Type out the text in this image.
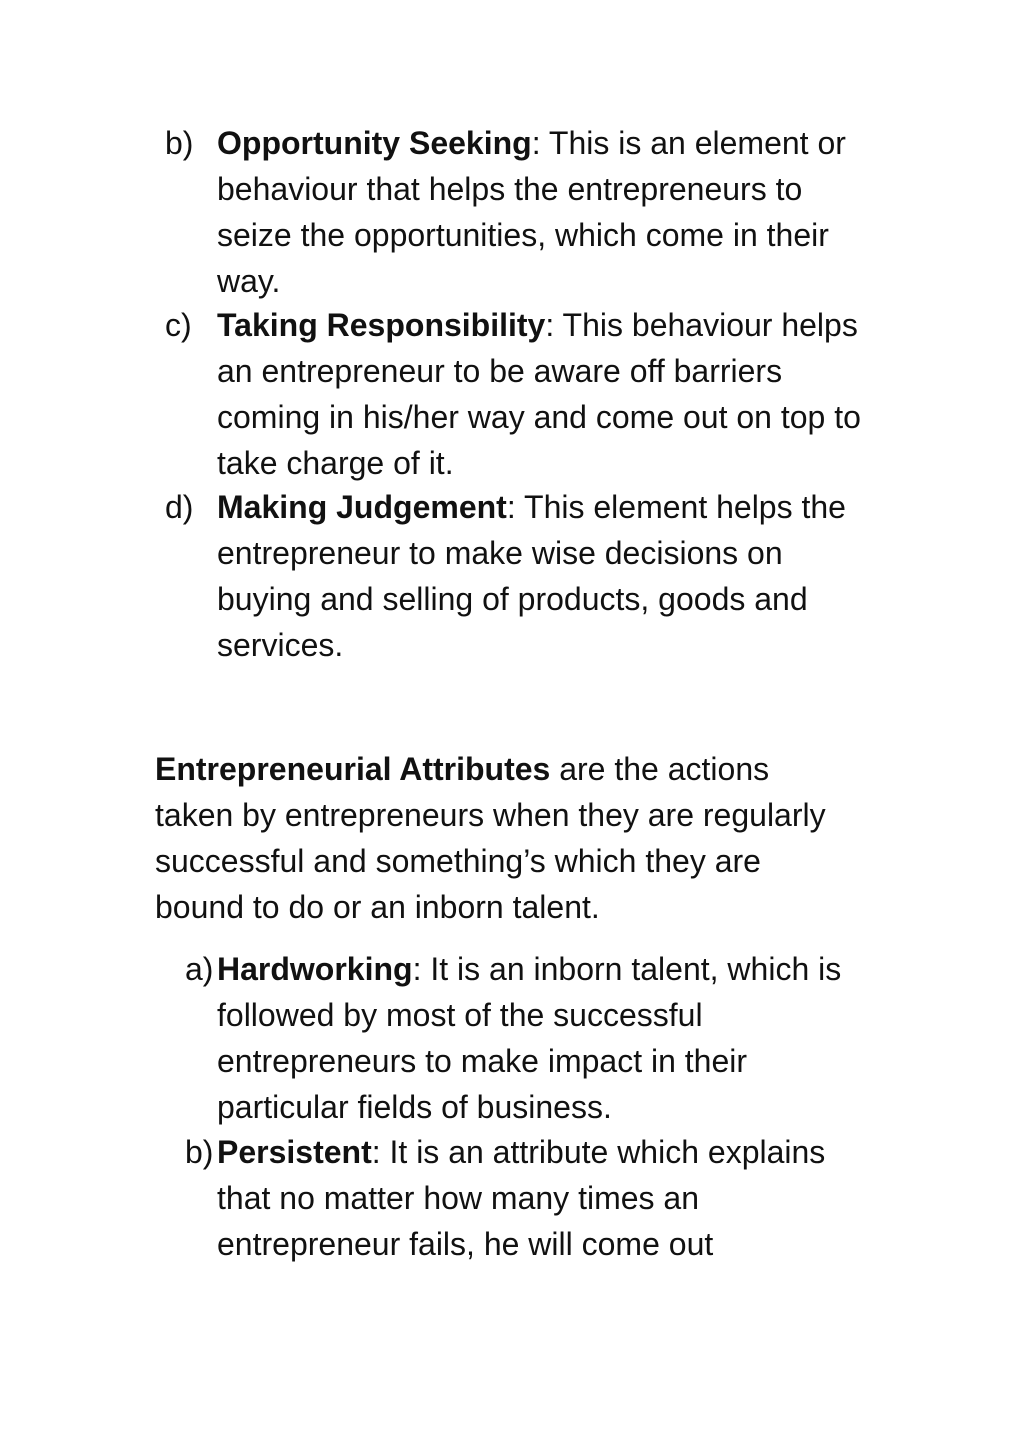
b) Opportunity Seeking: This is an element or behaviour that helps the entrepreneurs to seize the opportunities, which come in their way.
c) Taking Responsibility: This behaviour helps an entrepreneur to be aware off barriers coming in his/her way and come out on top to take charge of it.
d) Making Judgement: This element helps the entrepreneur to make wise decisions on buying and selling of products, goods and services.

Entrepreneurial Attributes are the actions taken by entrepreneurs when they are regularly successful and something’s which they are bound to do or an inborn talent.

a) Hardworking: It is an inborn talent, which is followed by most of the successful entrepreneurs to make impact in their particular fields of business.
b) Persistent: It is an attribute which explains that no matter how many times an entrepreneur fails, he will come out
